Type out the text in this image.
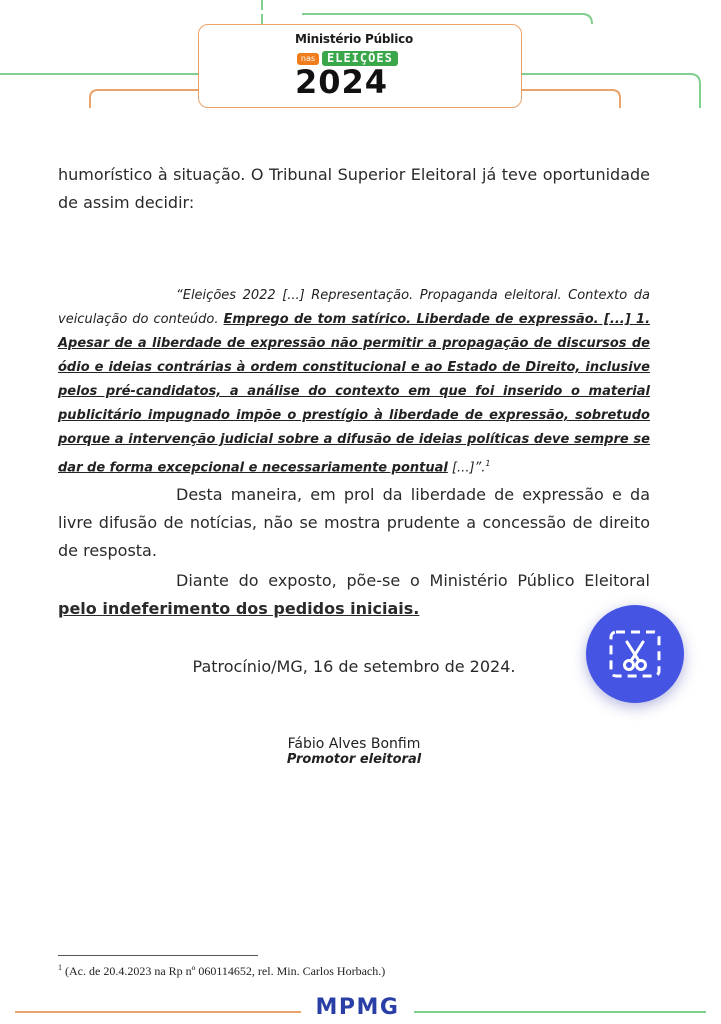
Ministério Público
nas ELEIÇÕES
2024
humorístico à situação. O Tribunal Superior Eleitoral já teve oportunidade de assim decidir:
“Eleições 2022 [...] Representação. Propaganda eleitoral. Contexto da veiculação do conteúdo. Emprego de tom satírico. Liberdade de expressão. [...] 1. Apesar de a liberdade de expressão não permitir a propagação de discursos de ódio e ideias contrárias à ordem constitucional e ao Estado de Direito, inclusive pelos pré-candidatos, a análise do contexto em que foi inserido o material publicitário impugnado impõe o prestígio à liberdade de expressão, sobretudo porque a intervenção judicial sobre a difusão de ideias políticas deve sempre se dar de forma excepcional e necessariamente pontual [...]”.$^1$
Desta maneira, em prol da liberdade de expressão e da livre difusão de notícias, não se mostra prudente a concessão de direito de resposta.
Diante do exposto, põe-se o Ministério Público Eleitoral pelo indeferimento dos pedidos iniciais.
Patrocínio/MG, 16 de setembro de 2024.
Fábio Alves Bonfim
Promotor eleitoral
$^1$ (Ac. de 20.4.2023 na Rp nº 060114652, rel. Min. Carlos Horbach.)
MPMG
